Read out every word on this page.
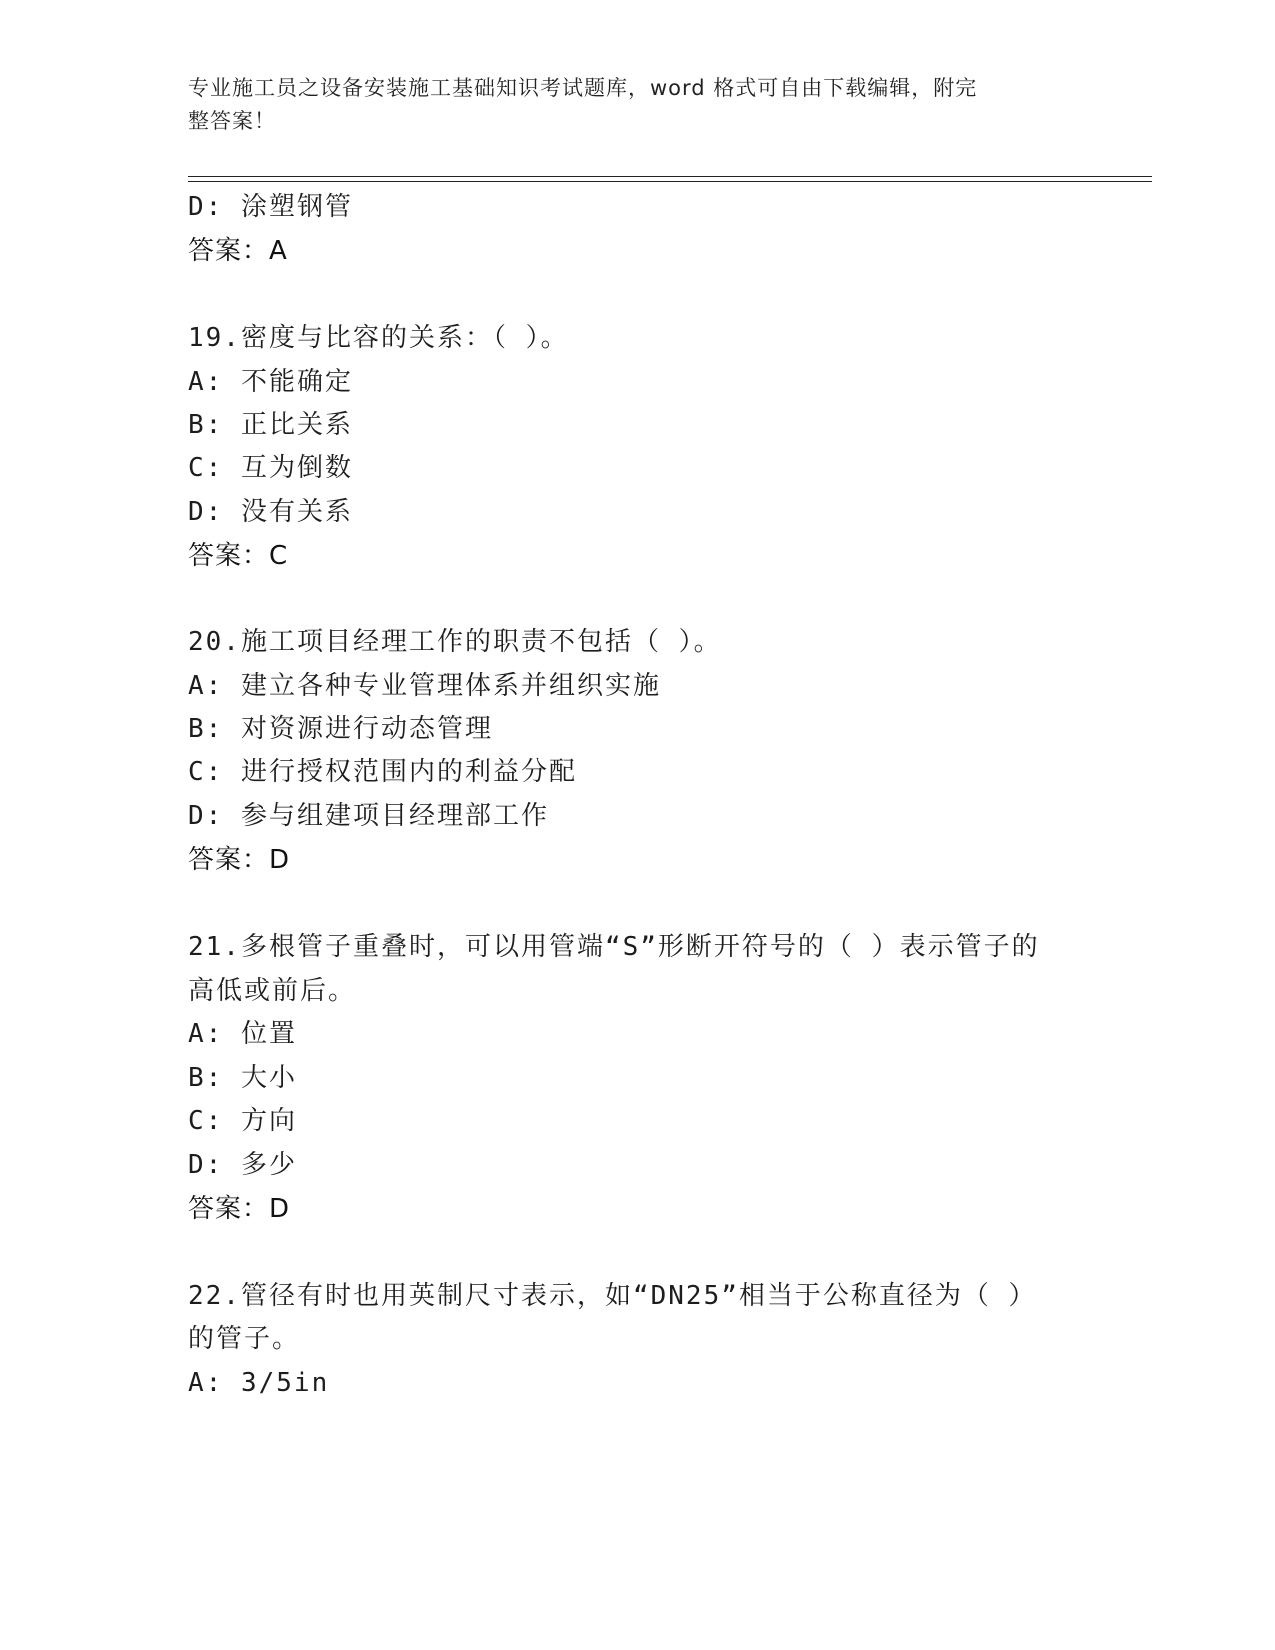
专业施工员之设备安装施工基础知识考试题库，word 格式可自由下载编辑，附完
整答案！
D: 涂塑钢管
答案：A
19.密度与比容的关系：（ ）。
A: 不能确定
B: 正比关系
C: 互为倒数
D: 没有关系
答案：C
20.施工项目经理工作的职责不包括（ ）。
A: 建立各种专业管理体系并组织实施
B: 对资源进行动态管理
C: 进行授权范围内的利益分配
D: 参与组建项目经理部工作
答案：D
21.多根管子重叠时，可以用管端“S”形断开符号的（ ）表示管子的
高低或前后。
A: 位置
B: 大小
C: 方向
D: 多少
答案：D
22.管径有时也用英制尺寸表示，如“DN25”相当于公称直径为（ ）
的管子。
A: 3/5in
